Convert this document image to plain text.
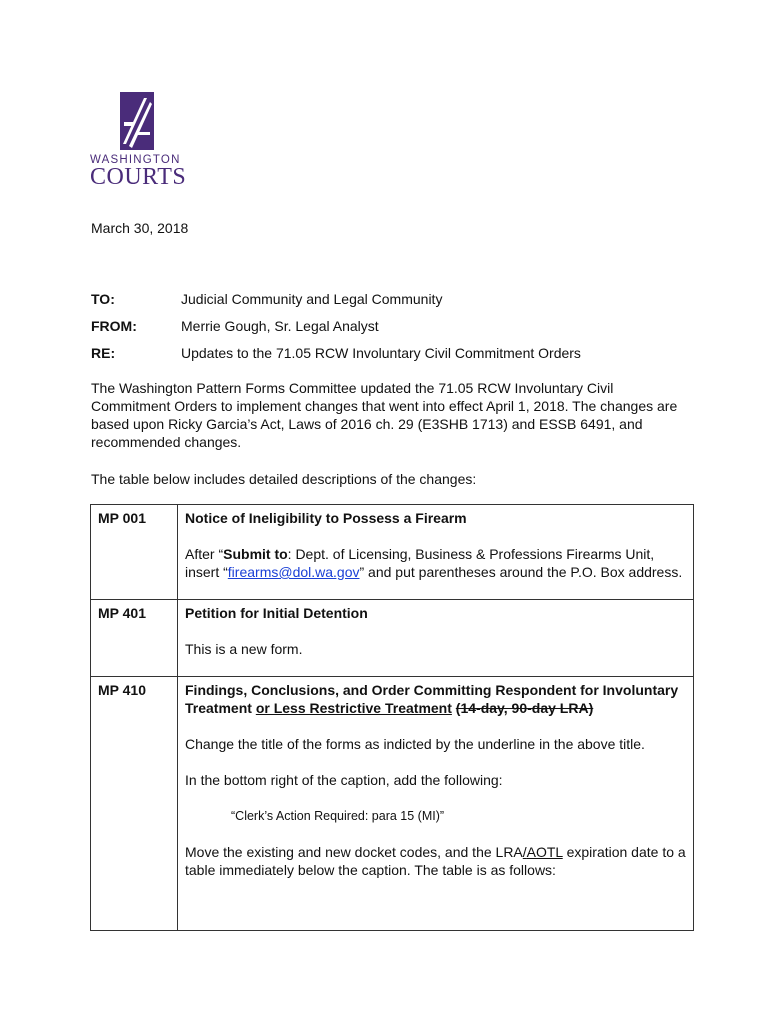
WASHINGTON
COURTS
March 30, 2018
TO:	Judicial Community and Legal Community
FROM:	Merrie Gough, Sr. Legal Analyst
RE:	Updates to the 71.05 RCW Involuntary Civil Commitment Orders
The Washington Pattern Forms Committee updated the 71.05 RCW Involuntary Civil Commitment Orders to implement changes that went into effect April 1, 2018. The changes are based upon Ricky Garcia’s Act, Laws of 2016 ch. 29 (E3SHB 1713) and ESSB 6491, and recommended changes.
The table below includes detailed descriptions of the changes:
MP 001	Notice of Ineligibility to Possess a Firearm
After “Submit to: Dept. of Licensing, Business & Professions Firearms Unit, insert “firearms@dol.wa.gov” and put parentheses around the P.O. Box address.

MP 401	Petition for Initial Detention
This is a new form.

MP 410	Findings, Conclusions, and Order Committing Respondent for Involuntary Treatment or Less Restrictive Treatment (14-day, 90-day LRA)
Change the title of the forms as indicted by the underline in the above title.
In the bottom right of the caption, add the following:
“Clerk’s Action Required: para 15 (MI)”
Move the existing and new docket codes, and the LRA/AOTL expiration date to a table immediately below the caption. The table is as follows:
